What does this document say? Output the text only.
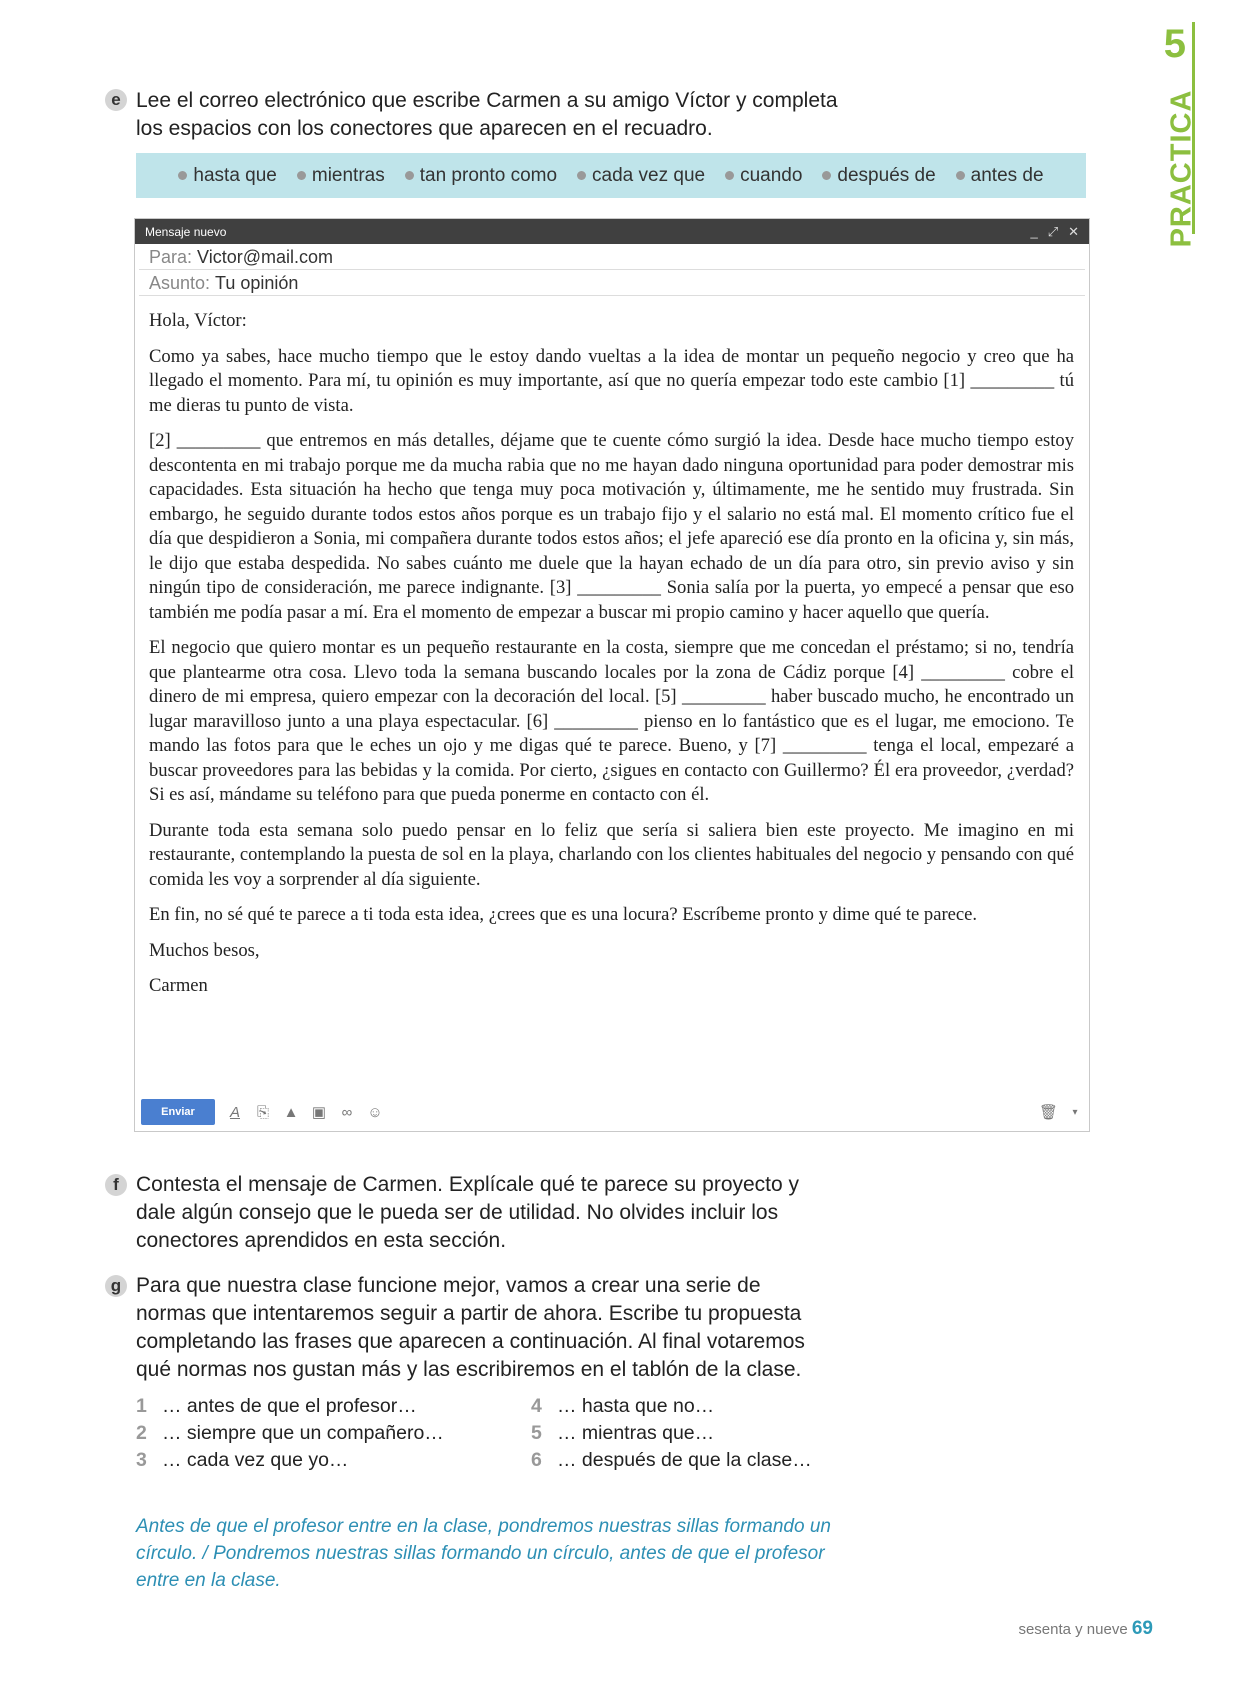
5
PRACTICA
e Lee el correo electrónico que escribe Carmen a su amigo Víctor y completa
los espacios con los conectores que aparecen en el recuadro.
hasta que mientras tan pronto como cada vez que cuando después de antes de
Mensaje nuevo	_ ⤢ ✕
Para: Victor@mail.com
Asunto: Tu opinión

Hola, Víctor:

Como ya sabes, hace mucho tiempo que le estoy dando vueltas a la idea de montar un pequeño negocio y creo que ha llegado el momento. Para mí, tu opinión es muy importante, así que no quería empezar todo este cambio [1] _________ tú me dieras tu punto de vista.

[2] _________ que entremos en más detalles, déjame que te cuente cómo surgió la idea. Desde hace mucho tiempo estoy descontenta en mi trabajo porque me da mucha rabia que no me hayan dado ninguna oportunidad para poder demostrar mis capacidades. Esta situación ha hecho que tenga muy poca motivación y, últimamente, me he sentido muy frustrada. Sin embargo, he seguido durante todos estos años porque es un trabajo fijo y el salario no está mal. El momento crítico fue el día que despidieron a Sonia, mi compañera durante todos estos años; el jefe apareció ese día pronto en la oficina y, sin más, le dijo que estaba despedida. No sabes cuánto me duele que la hayan echado de un día para otro, sin previo aviso y sin ningún tipo de consideración, me parece indignante. [3] _________ Sonia salía por la puerta, yo empecé a pensar que eso también me podía pasar a mí. Era el momento de empezar a buscar mi propio camino y hacer aquello que quería.

El negocio que quiero montar es un pequeño restaurante en la costa, siempre que me concedan el préstamo; si no, tendría que plantearme otra cosa. Llevo toda la semana buscando locales por la zona de Cádiz porque [4] _________ cobre el dinero de mi empresa, quiero empezar con la decoración del local. [5] _________ haber buscado mucho, he encontrado un lugar maravilloso junto a una playa espectacular. [6] _________ pienso en lo fantástico que es el lugar, me emociono. Te mando las fotos para que le eches un ojo y me digas qué te parece. Bueno, y [7] _________ tenga el local, empezaré a buscar proveedores para las bebidas y la comida. Por cierto, ¿sigues en contacto con Guillermo? Él era proveedor, ¿verdad? Si es así, mándame su teléfono para que pueda ponerme en contacto con él.

Durante toda esta semana solo puedo pensar en lo feliz que sería si saliera bien este proyecto. Me imagino en mi restaurante, contemplando la puesta de sol en la playa, charlando con los clientes habituales del negocio y pensando con qué comida les voy a sorprender al día siguiente.

En fin, no sé qué te parece a ti toda esta idea, ¿crees que es una locura? Escríbeme pronto y dime qué te parece.

Muchos besos,

Carmen

Enviar	A ⎘ ▲ ▣ ∞ ☺	🗑	▾
f Contesta el mensaje de Carmen. Explícale qué te parece su proyecto y
dale algún consejo que le pueda ser de utilidad. No olvides incluir los
conectores aprendidos en esta sección.
g Para que nuestra clase funcione mejor, vamos a crear una serie de
normas que intentaremos seguir a partir de ahora. Escribe tu propuesta
completando las frases que aparecen a continuación. Al final votaremos
qué normas nos gustan más y las escribiremos en el tablón de la clase.
1 … antes de que el profesor…
2 … siempre que un compañero…
3 … cada vez que yo…
4 … hasta que no…
5 … mientras que…
6 … después de que la clase…
Antes de que el profesor entre en la clase, pondremos nuestras sillas formando un
círculo. / Pondremos nuestras sillas formando un círculo, antes de que el profesor
entre en la clase.
sesenta y nueve 69
